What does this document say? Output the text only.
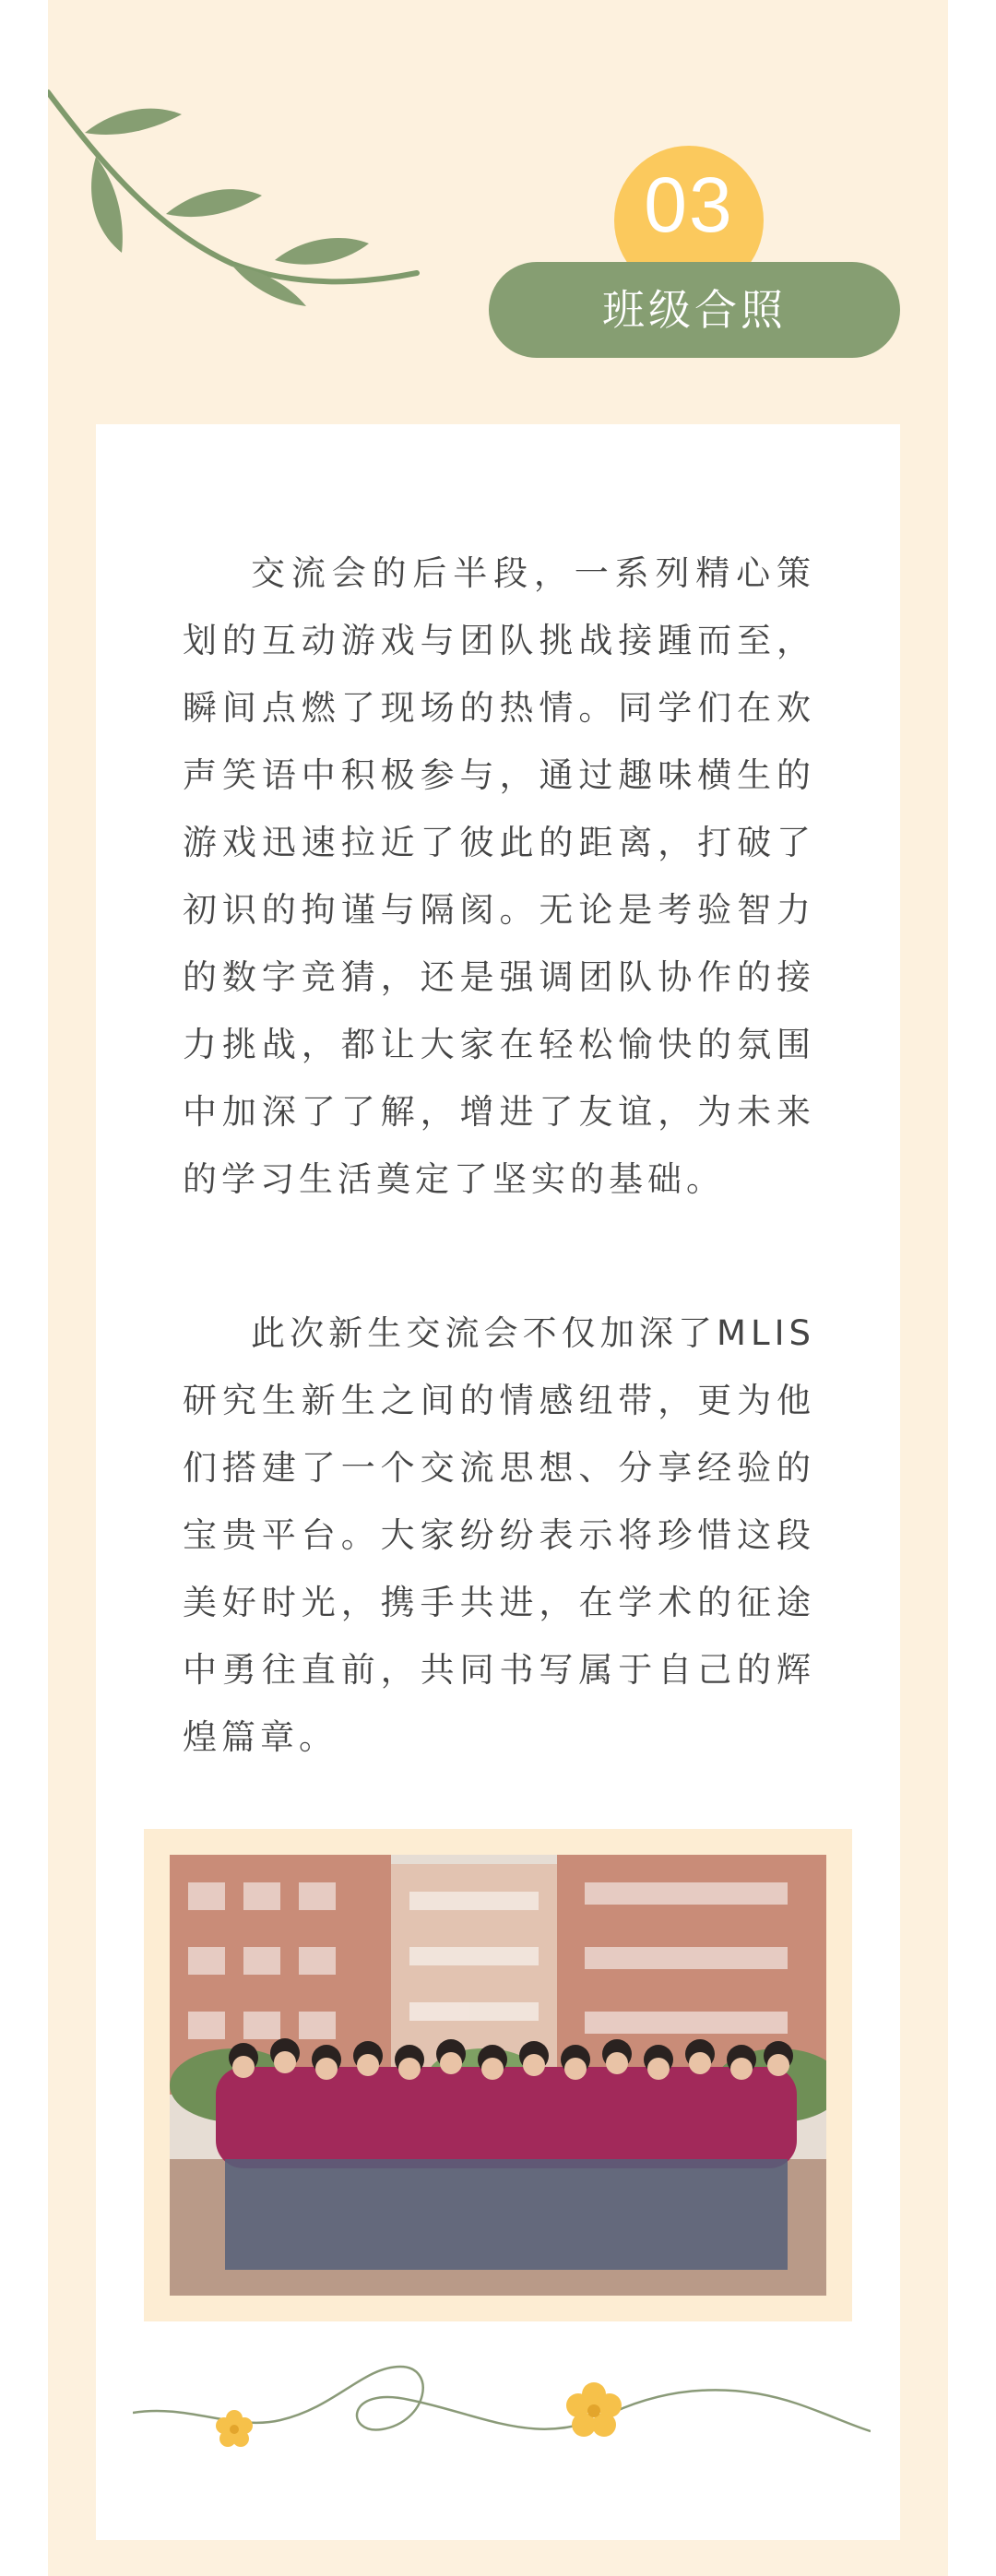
03
班级合照

交流会的后半段，一系列精心策划的互动游戏与团队挑战接踵而至，瞬间点燃了现场的热情。同学们在欢声笑语中积极参与，通过趣味横生的游戏迅速拉近了彼此的距离，打破了初识的拘谨与隔阂。无论是考验智力的数字竞猜，还是强调团队协作的接力挑战，都让大家在轻松愉快的氛围中加深了了解，增进了友谊，为未来的学习生活奠定了坚实的基础。

此次新生交流会不仅加深了MLIS研究生新生之间的情感纽带，更为他们搭建了一个交流思想、分享经验的宝贵平台。大家纷纷表示将珍惜这段美好时光，携手共进，在学术的征途中勇往直前，共同书写属于自己的辉煌篇章。
